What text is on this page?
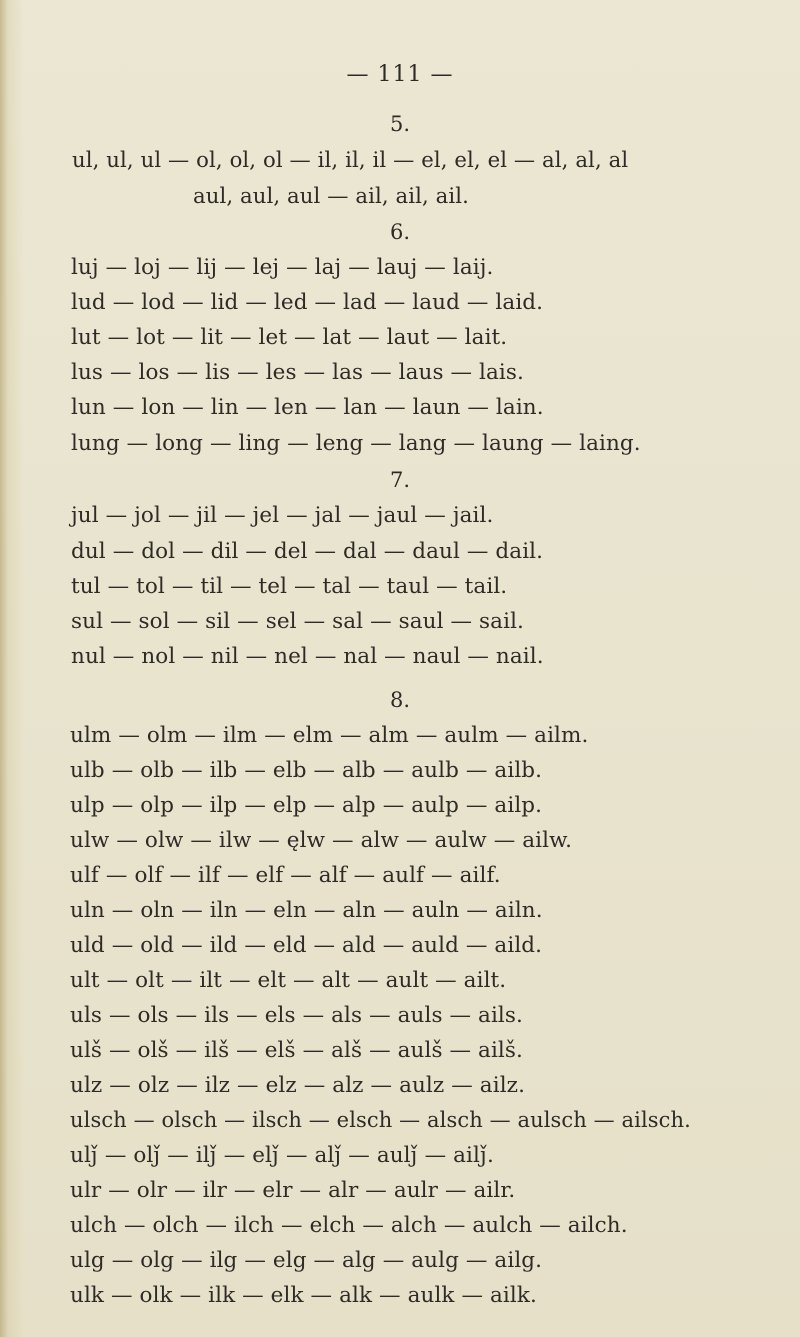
— 111 —
5.
ul, ul, ul — ol, ol, ol — il, il, il — el, el, el — al, al, al
aul, aul, aul — ail, ail, ail.
6.
luj — loj — lij — lej — laj — lauj — laij.
lud — lod — lid — led — lad — laud — laid.
lut — lot — lit — let — lat — laut — lait.
lus — los — lis — les — las — laus — lais.
lun — lon — lin — len — lan — laun — lain.
lung — long — ling — leng — lang — laung — laing.
7.
jul — jol — jil — jel — jal — jaul — jail.
dul — dol — dil — del — dal — daul — dail.
tul — tol — til — tel — tal — taul — tail.
sul — sol — sil — sel — sal — saul — sail.
nul — nol — nil — nel — nal — naul — nail.
8.
ulm — olm — ilm — elm — alm — aulm — ailm.
ulb — olb — ilb — elb — alb — aulb — ailb.
ulp — olp — ilp — elp — alp — aulp — ailp.
ulw — olw — ilw — ęlw — alw — aulw — ailw.
ulf — olf — ilf — elf — alf — aulf — ailf.
uln — oln — iln — eln — aln — auln — ailn.
uld — old — ild — eld — ald — auld — aild.
ult — olt — ilt — elt — alt — ault — ailt.
uls — ols — ils — els — als — auls — ails.
ulš — olš — ilš — elš — alš — aulš — ailš.
ulz — olz — ilz — elz — alz — aulz — ailz.
ulsch — olsch — ilsch — elsch — alsch — aulsch — ailsch.
ulǰ — olǰ — ilǰ — elǰ — alǰ — aulǰ — ailǰ.
ulr — olr — ilr — elr — alr — aulr — ailr.
ulch — olch — ilch — elch — alch — aulch — ailch.
ulg — olg — ilg — elg — alg — aulg — ailg.
ulk — olk — ilk — elk — alk — aulk — ailk.
